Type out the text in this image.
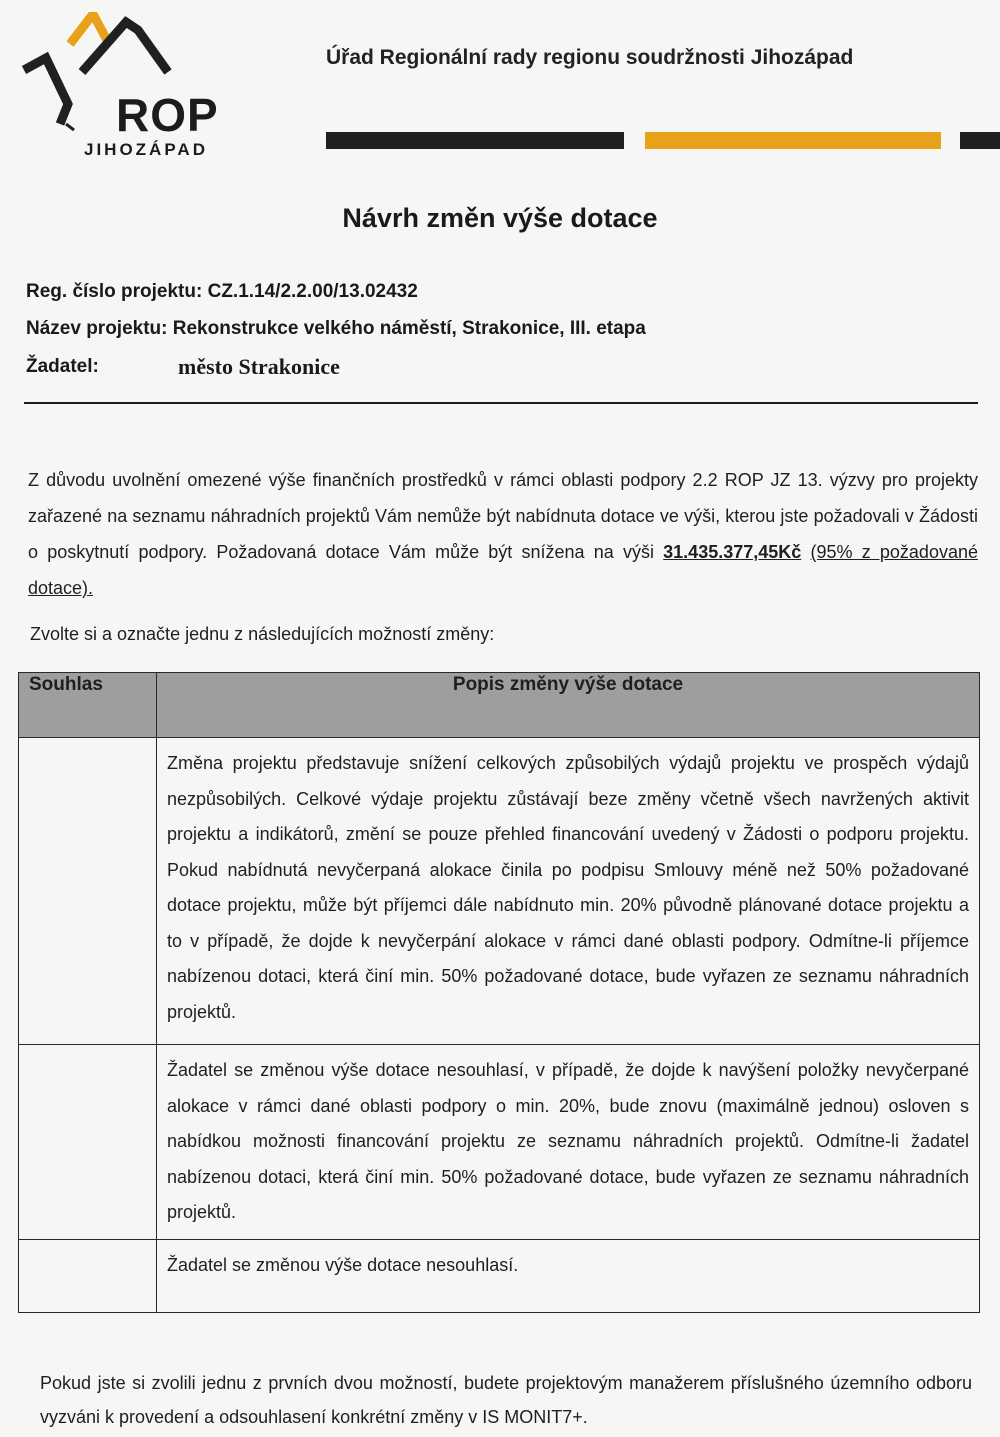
ROP
JIHOZÁPAD
Úřad Regionální rady regionu soudržnosti Jihozápad
Návrh změn výše dotace
Reg. číslo projektu: CZ.1.14/2.2.00/13.02432
Název projektu: Rekonstrukce velkého náměstí, Strakonice, III. etapa
Žadatel:	město Strakonice
Z důvodu uvolnění omezené výše finančních prostředků v rámci oblasti podpory 2.2 ROP JZ 13. výzvy pro projekty zařazené na seznamu náhradních projektů Vám nemůže být nabídnuta dotace ve výši, kterou jste požadovali v Žádosti o poskytnutí podpory. Požadovaná dotace Vám může být snížena na výši 31.435.377,45Kč (95% z požadované dotace).
Zvolte si a označte jednu z následujících možností změny:
Souhlas	Popis změny výše dotace
	Změna projektu představuje snížení celkových způsobilých výdajů projektu ve prospěch výdajů nezpůsobilých. Celkové výdaje projektu zůstávají beze změny včetně všech navržených aktivit projektu a indikátorů, změní se pouze přehled financování uvedený v Žádosti o podporu projektu. Pokud nabídnutá nevyčerpaná alokace činila po podpisu Smlouvy méně než 50% požadované dotace projektu, může být příjemci dále nabídnuto min. 20% původně plánované dotace projektu a to v případě, že dojde k nevyčerpání alokace v rámci dané oblasti podpory. Odmítne-li příjemce nabízenou dotaci, která činí min. 50% požadované dotace, bude vyřazen ze seznamu náhradních projektů.
	Žadatel se změnou výše dotace nesouhlasí, v případě, že dojde k navýšení položky nevyčerpané alokace v rámci dané oblasti podpory o min. 20%, bude znovu (maximálně jednou) osloven s nabídkou možnosti financování projektu ze seznamu náhradních projektů. Odmítne-li žadatel nabízenou dotaci, která činí min. 50% požadované dotace, bude vyřazen ze seznamu náhradních projektů.
	Žadatel se změnou výše dotace nesouhlasí.
Pokud jste si zvolili jednu z prvních dvou možností, budete projektovým manažerem příslušného územního odboru vyzváni k provedení a odsouhlasení konkrétní změny v IS MONIT7+.
